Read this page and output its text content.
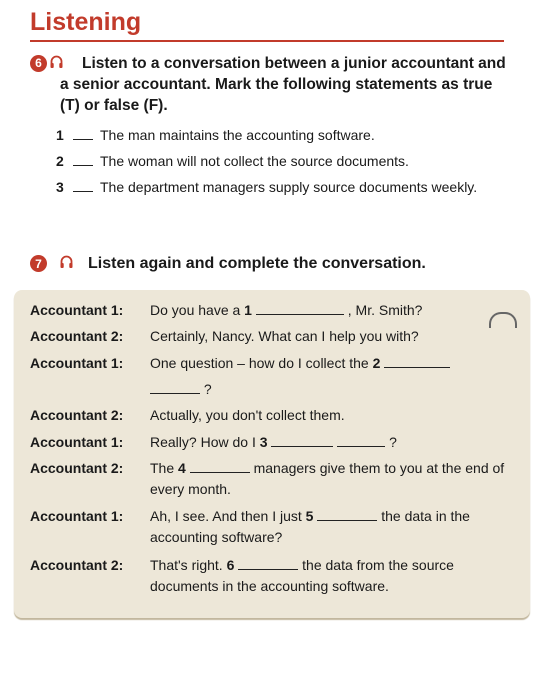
Listening
6	Listen to a conversation between a junior accountant and a senior accountant. Mark the following statements as true (T) or false (F).
1	The man maintains the accounting software.
2	The woman will not collect the source documents.
3	The department managers supply source documents weekly.
7	Listen again and complete the conversation.
Accountant 1: Do you have a 1	, Mr. Smith?
Accountant 2: Certainly, Nancy. What can I help you with?
Accountant 1: One question – how do I collect the 2
?
Accountant 2: Actually, you don't collect them.
Accountant 1: Really? How do I 3	?
Accountant 2: The 4	managers give them to you at the end of every month.
Accountant 1: Ah, I see. And then I just 5	the data in the accounting software?
Accountant 2: That's right. 6	the data from the source documents in the accounting software.
